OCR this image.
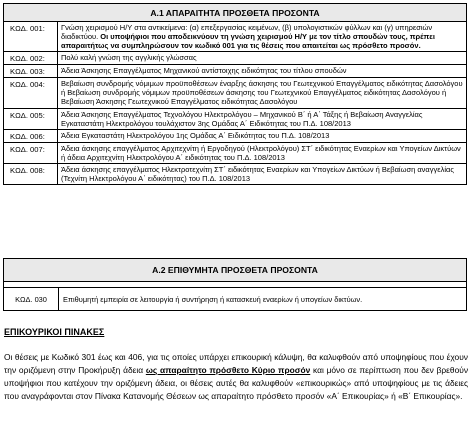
Α.1 ΑΠΑΡΑΙΤΗΤΑ ΠΡΟΣΘΕΤΑ ΠΡΟΣΟΝΤΑ	
ΚΩΔ. 001:	Γνώση χειρισμού Η/Υ στα αντικείμενα: (α) επεξεργασίας κειμένων, (β) υπολογιστικών φύλλων και (γ) υπηρεσιών διαδικτύου. Οι υποψήφιοι που αποδεικνύουν τη γνώση χειρισμού Η/Υ με τον τίτλο σπουδών τους, πρέπει απαραιτήτως να συμπληρώσουν τον κωδικό 001 για τις θέσεις που απαιτείται ως πρόσθετο προσόν.
ΚΩΔ. 002:	Πολύ καλή γνώση της αγγλικής γλώσσας
ΚΩΔ. 003:	Άδεια Άσκησης Επαγγέλματος Μηχανικού αντίστοιχης ειδικότητας του τίτλου σπουδών
ΚΩΔ. 004:	Βεβαίωση συνδρομής νόμιμων προϋποθέσεων έναρξης άσκησης του Γεωτεχνικού Επαγγέλματος ειδικότητας Δασολόγου ή Βεβαίωση συνδρομής νόμιμων προϋποθέσεων άσκησης του Γεωτεχνικού Επαγγέλματος ειδικότητας Δασολόγου ή Βεβαίωση Άσκησης Γεωτεχνικού Επαγγέλματος ειδικότητας Δασολόγου
ΚΩΔ. 005:	Άδεια Άσκησης Επαγγέλματος Τεχνολόγου Ηλεκτρολόγου – Μηχανικού Β΄ ή Α΄ Τάξης ή Βεβαίωση Αναγγελίας Εγκαταστάτη Ηλεκτρολόγου τουλάχιστον 3ης Ομάδας Α΄ Ειδικότητας του Π.Δ. 108/2013
ΚΩΔ. 006:	Άδεια Εγκαταστάτη Ηλεκτρολόγου 1ης Ομάδας Α΄ Ειδικότητας του Π.Δ. 108/2013
ΚΩΔ. 007:	Άδεια άσκησης επαγγέλματος Αρχιτεχνίτη ή Εργοδηγού (Ηλεκτρολόγου) ΣΤ΄ ειδικότητας Εναερίων και Υπογείων Δικτύων ή άδεια Αρχιτεχνίτη Ηλεκτρολόγου Α΄ ειδικότητας του Π.Δ. 108/2013
ΚΩΔ. 008:	Άδεια άσκησης επαγγέλματος Ηλεκτροτεχνίτη ΣΤ΄ ειδικότητας Εναερίων και Υπογείων Δικτύων ή Βεβαίωση αναγγελίας (Τεχνίτη Ηλεκτρολόγου Α΄ ειδικότητας) του Π.Δ. 108/2013
Α.2 ΕΠΙΘΥΜΗΤΑ ΠΡΟΣΘΕΤΑ ΠΡΟΣΟΝΤΑ

ΚΩΔ. 030	Επιθυμητή εμπειρία σε λειτουργία ή συντήρηση ή κατασκευή εναερίων ή υπογείων δικτύων.
ΕΠΙΚΟΥΡΙΚΟΙ ΠΙΝΑΚΕΣ

Οι θέσεις με Κωδικό 301 έως και 406, για τις οποίες υπάρχει επικουρική κάλυψη, θα καλυφθούν από υποψηφίους που έχουν την οριζόμενη στην Προκήρυξη άδεια ως απαραίτητο πρόσθετο Κύριο προσόν και μόνο σε περίπτωση που δεν βρεθούν υποψήφιοι που κατέχουν την οριζόμενη άδεια, οι θέσεις αυτές θα καλυφθούν «επικουρικώς» από υποψηφίους με τις άδειες που αναγράφονται στον Πίνακα Κατανομής Θέσεων ως απαραίτητο πρόσθετο προσόν «Α΄ Επικουρίας» ή «Β΄ Επικουρίας».
